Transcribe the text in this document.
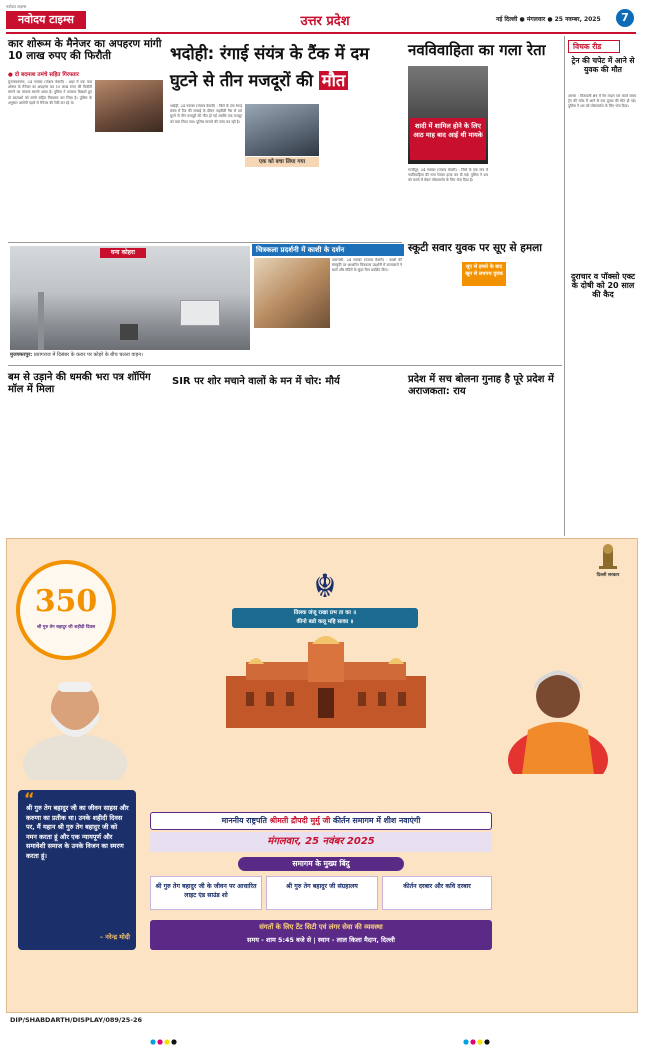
नवोदय टाइम्स
नवोदय टाइम्स	उत्तर प्रदेश	नई दिल्ली ● मंगलवार ● 25 नवम्बर, 2025	7
कार शोरूम के मैनेजर का अपहरण मांगी 10 लाख रुपए की फिरौती
● दो बदमाश तमंचे सहित गिरफ्तार

मुजफ्फरनगर, 24 नवम्बर (पंजाब केसरी) : शहर में एक कार शोरूम के मैनेजर का अपहरण कर 10 लाख रुपए की फिरौती मांगने का मामला सामने आया है। पुलिस ने तत्परता दिखाते हुए दो बदमाशों को तमंचे सहित गिरफ्तार कर लिया है। पुलिस के अनुसार आरोपी पहले से मैनेजर की रेकी कर रहे थे।

भदोही: रंगाई संयंत्र के टैंक में दम
घुटने से तीन मजदूरों की मौत

भदोही, 24 नवम्बर (पंजाब केसरी) : जिले के एक रंगाई संयंत्र में टैंक की सफाई के दौरान जहरीली गैस से दम घुटने से तीन मजदूरों की मौत हो गई जबकि एक मजदूर को बचा लिया गया। पुलिस मामले की जांच कर रही है।

एक को बचा लिया गया
नवविवाहिता का गला रेता
शादी में शामिल होने के लिए आठ माह बाद आई थी मायके

गाजीपुर, 24 नवम्बर (पंजाब केसरी) : जिले के एक गांव में नवविवाहिता की गला रेतकर हत्या कर दी गई। पुलिस ने शव को कब्जे में लेकर पोस्टमार्टम के लिए भेज दिया है।

विचक रीड
ट्रेन की चपेट में आने से युवक की मौत

आगरा : किरावली क्षेत्र में रेल लाइन पार करते समय ट्रेन की चपेट में आने से एक युवक की मौत हो गई। पुलिस ने शव को पोस्टमार्टम के लिए भेज दिया।

घना कोहरा
मुजफ्फरपुर: प्रयागराज में दिसंबर के करार पर कोहरे के बीच चलता वाहन।
चित्रकला प्रदर्शनी में काशी के दर्शन

वाराणसी, 24 नवम्बर (पंजाब केसरी) : काशी की संस्कृति पर आधारित चित्रकला प्रदर्शनी में कलाकारों ने घाटों और मंदिरों के सुंदर चित्र प्रदर्शित किए।

स्कूटी सवार युवक पर सूए से हमला
सूए से हमले के बाद खून से लथपथ युवक	दुराचार व पॉक्सो एक्ट के दोषी को 20 साल की कैद
बम से उड़ाने की धमकी भरा पत्र शॉपिंग मॉल में मिला
SIR पर शोर मचाने वालों के मन में चोर: मौर्य	प्रदेश में सच बोलना गुनाह है पूरे प्रदेश में अराजकता: राय
350
श्री गुरु तेग बहादुर जी शहीदी दिवस
दिल्ली सरकार
☬
तिलक जंजू राखा प्रभ ता का ॥
कीनो बडो कलू महि साका ॥
“
श्री गुरु तेग बहादुर जी का जीवन साहस और करुणा का प्रतीक था। उनके शहीदी दिवस पर, मैं महान श्री गुरु तेग बहादुर जी को नमन करता हूं और एक न्यायपूर्ण और समावेशी समाज के उनके विजन का स्मरण करता हूं।
– नरेन्द्र मोदी
माननीय राष्ट्रपति श्रीमती द्रौपदी मुर्मु जी कीर्तन समागम में शीश नवाएंगी
मंगलवार, 25 नवंबर 2025
समागम के मुख्य बिंदु
श्री गुरु तेग बहादुर जी के जीवन पर आधारित लाइट एंड साउंड शो
श्री गुरु तेग बहादुर जी संग्रहालय	कीर्तन दरबार और कवि दरबार
संगतों के लिए टेंट सिटी एवं लंगर सेवा की व्यवस्था
समय - शाम 5:45 बजे से | स्थान - लाल किला मैदान, दिल्ली
DIP/SHABDARTH/DISPLAY/089/25-26
